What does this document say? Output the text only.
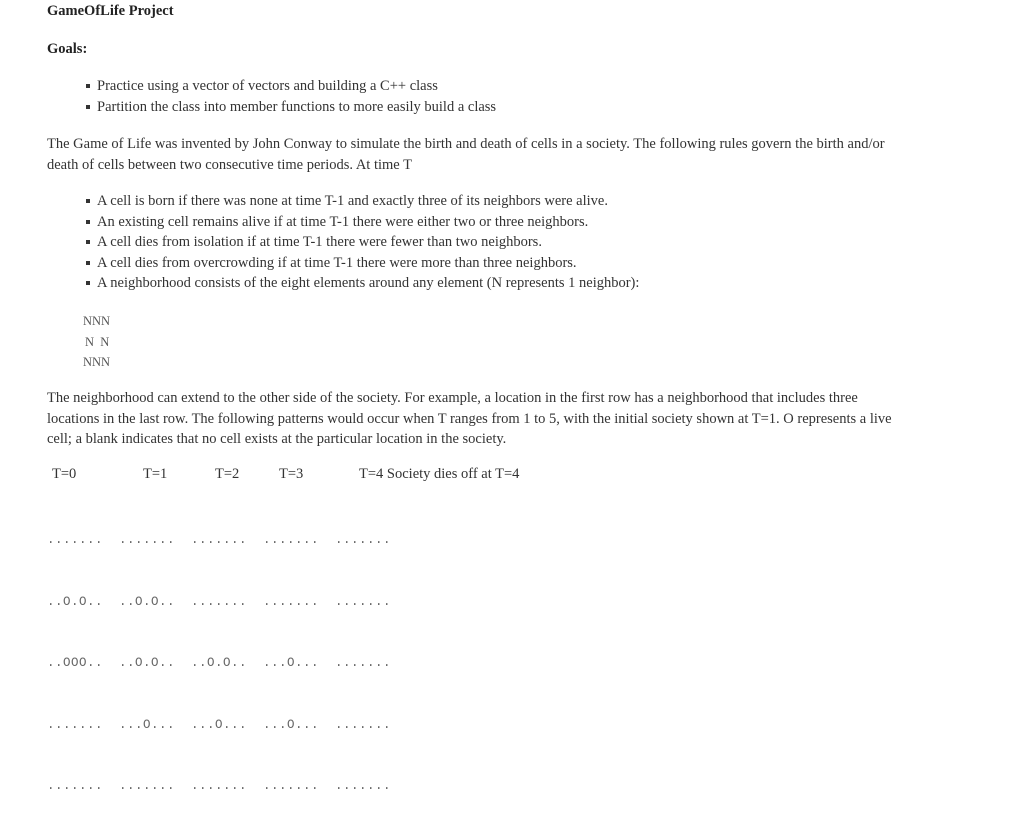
GameOfLife Project
Goals:
Practice using a vector of vectors and building a C++ class
Partition the class into member functions to more easily build a class

The Game of Life was invented by John Conway to simulate the birth and death of cells in a society. The following rules govern the birth and/or death of cells between two consecutive time periods. At time T

A cell is born if there was none at time T-1 and exactly three of its neighbors were alive.
An existing cell remains alive if at time T-1 there were either two or three neighbors.
A cell dies from isolation if at time T-1 there were fewer than two neighbors.
A cell dies from overcrowding if at time T-1 there were more than three neighbors.
A neighborhood consists of the eight elements around any element (N represents 1 neighbor):
NNN
N  N
NNN

The neighborhood can extend to the other side of the society. For example, a location in the first row has a neighborhood that includes three locations in the last row. The following patterns would occur when T ranges from 1 to 5, with the initial society shown at T=1. O represents a live cell; a blank indicates that no cell exists at the particular location in the society.

T=0	T=1	T=2	T=3	T=4 Society dies off at T=4

.......  .......  .......  .......  .......

..O.O..  ..O.O..  .......  .......  .......

..OOO..  ..O.O..  ..O.O..  ...O...  .......

.......  ...O...  ...O...  ...O...  .......

.......  .......  .......  .......  .......
